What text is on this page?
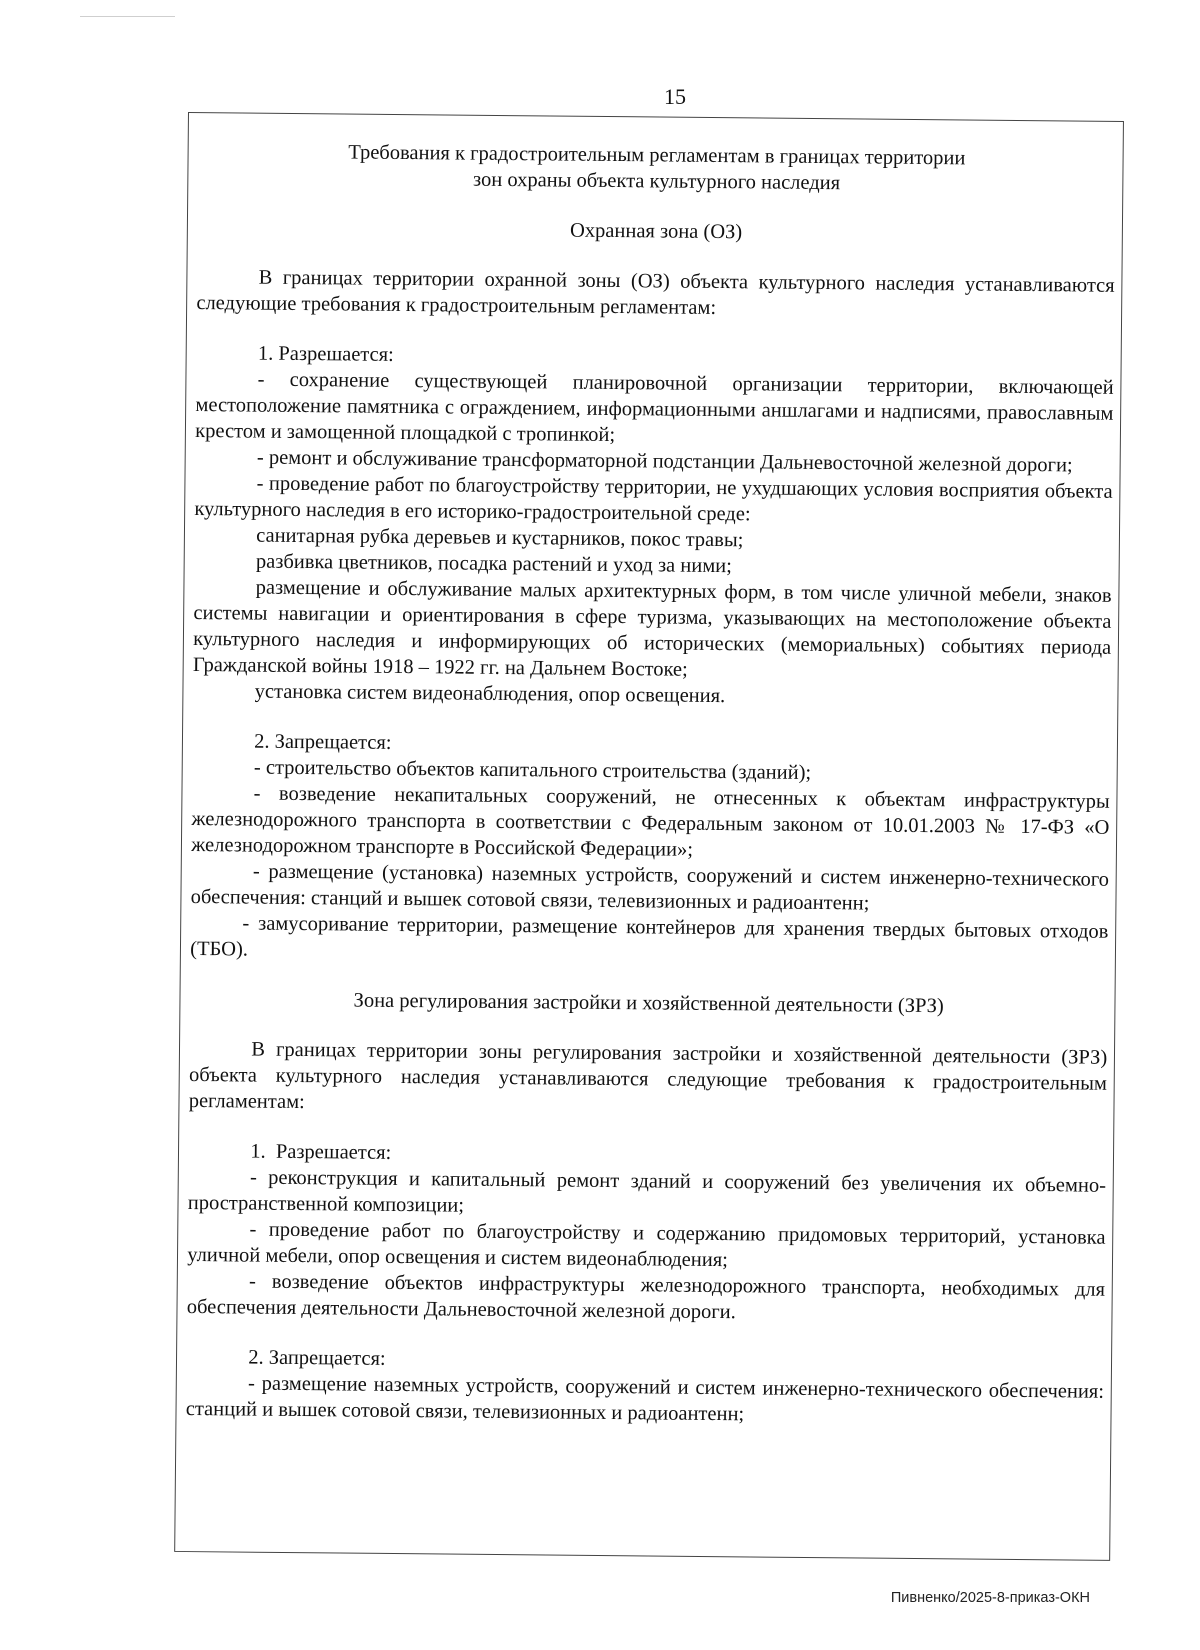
15

Требования к градостроительным регламентам в границах территории

зон охраны объекта культурного наследия

Охранная зона (ОЗ)

В границах территории охранной зоны (ОЗ) объекта культурного наследия устанавливаются следующие требования к градостроительным регламентам:

1. Разрешается:

- сохранение существующей планировочной организации территории, включающей местоположение памятника с ограждением, информационными аншлагами и надписями, православным крестом и замощенной площадкой с тропинкой;

- ремонт и обслуживание трансформаторной подстанции Дальневосточной железной дороги;

- проведение работ по благоустройству территории, не ухудшающих условия восприятия объекта культурного наследия в его историко-градостроительной среде:

санитарная рубка деревьев и кустарников, покос травы;

разбивка цветников, посадка растений и уход за ними;

размещение и обслуживание малых архитектурных форм, в том числе уличной мебели, знаков системы навигации и ориентирования в сфере туризма, указывающих на местоположение объекта культурного наследия и информирующих об исторических (мемориальных) событиях периода Гражданской войны 1918 – 1922 гг. на Дальнем Востоке;

установка систем видеонаблюдения, опор освещения.

2. Запрещается:

- строительство объектов капитального строительства (зданий);

- возведение некапитальных сооружений, не отнесенных к объектам инфраструктуры железнодорожного транспорта в соответствии с Федеральным законом от 10.01.2003 № 17-ФЗ «О железнодорожном транспорте в Российской Федерации»;

- размещение (установка) наземных устройств, сооружений и систем инженерно-технического обеспечения: станций и вышек сотовой связи, телевизионных и радиоантенн;

- замусоривание территории, размещение контейнеров для хранения твердых бытовых отходов (ТБО).

Зона регулирования застройки и хозяйственной деятельности (ЗРЗ)

В границах территории зоны регулирования застройки и хозяйственной деятельности (ЗРЗ) объекта культурного наследия устанавливаются следующие требования к градостроительным регламентам:

1.  Разрешается:

- реконструкция и капитальный ремонт зданий и сооружений без увеличения их объемно-пространственной композиции;

- проведение работ по благоустройству и содержанию придомовых территорий, установка уличной мебели, опор освещения и систем видеонаблюдения;

- возведение объектов инфраструктуры железнодорожного транспорта, необходимых для обеспечения деятельности Дальневосточной железной дороги.

2. Запрещается:

- размещение наземных устройств, сооружений и систем инженерно-технического обеспечения: станций и вышек сотовой связи, телевизионных и радиоантенн;

Пивненко/2025-8-приказ-ОКН
